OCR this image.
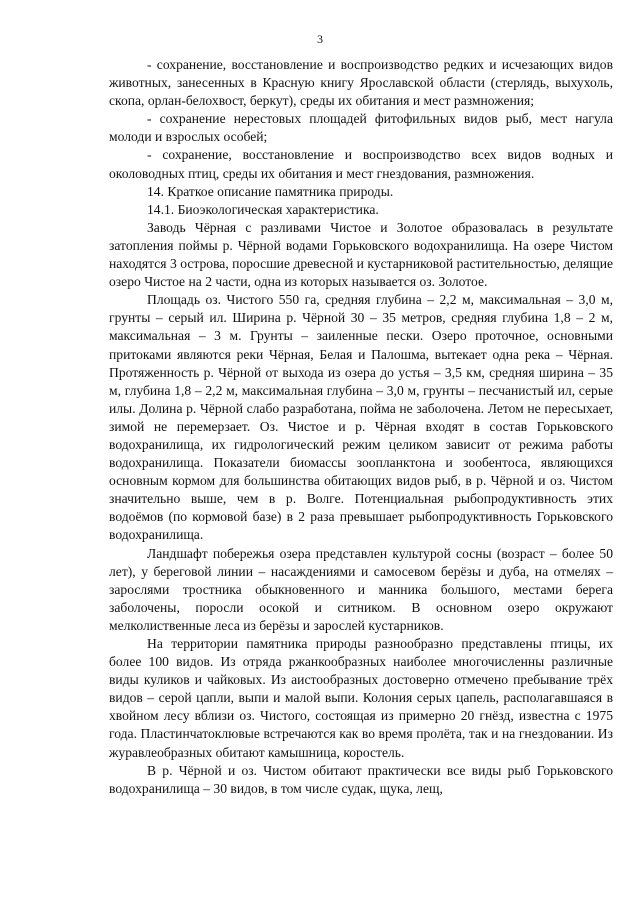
3

- сохранение, восстановление и воспроизводство редких и исчезающих видов животных, занесенных в Красную книгу Ярославской области (стерлядь, выхухоль, скопа, орлан-белохвост, беркут), среды их обитания и мест размножения;

- сохранение нерестовых площадей фитофильных видов рыб, мест нагула молоди и взрослых особей;

- сохранение, восстановление и воспроизводство всех видов водных и околоводных птиц, среды их обитания и мест гнездования, размножения.

14. Краткое описание памятника природы.

14.1. Биоэкологическая характеристика.

Заводь Чёрная с разливами Чистое и Золотое образовалась в результате затопления поймы р. Чёрной водами Горьковского водохранилища. На озере Чистом находятся 3 острова, поросшие древесной и кустарниковой растительностью, делящие озеро Чистое на 2 части, одна из которых называется оз. Золотое.

Площадь оз. Чистого 550 га, средняя глубина – 2,2 м, максимальная – 3,0 м, грунты – серый ил. Ширина р. Чёрной 30 – 35 метров, средняя глубина 1,8 – 2 м, максимальная – 3 м. Грунты – заиленные пески. Озеро проточное, основными притоками являются реки Чёрная, Белая и Палошма, вытекает одна река – Чёрная. Протяженность р. Чёрной от выхода из озера до устья – 3,5 км, средняя ширина – 35 м, глубина 1,8 – 2,2 м, максимальная глубина – 3,0 м, грунты – песчанистый ил, серые илы. Долина р. Чёрной слабо разработана, пойма не заболочена. Летом не пересыхает, зимой не перемерзает. Оз. Чистое и р. Чёрная входят в состав Горьковского водохранилища, их гидрологический режим целиком зависит от режима работы водохранилища. Показатели биомассы зоопланктона и зообентоса, являющихся основным кормом для большинства обитающих видов рыб, в р. Чёрной и оз. Чистом значительно выше, чем в р. Волге. Потенциальная рыбопродуктивность этих водоёмов (по кормовой базе) в 2 раза превышает рыбопродуктивность Горьковского водохранилища.

Ландшафт побережья озера представлен культурой сосны (возраст – более 50 лет), у береговой линии – насаждениями и самосевом берёзы и дуба, на отмелях – зарослями тростника обыкновенного и манника большого, местами берега заболочены, поросли осокой и ситником. В основном озеро окружают мелколиственные леса из берёзы и зарослей кустарников.

На территории памятника природы разнообразно представлены птицы, их более 100 видов. Из отряда ржанкообразных наиболее многочисленны различные виды куликов и чайковых. Из аистообразных достоверно отмечено пребывание трёх видов – серой цапли, выпи и малой выпи. Колония серых цапель, располагавшаяся в хвойном лесу вблизи оз. Чистого, состоящая из примерно 20 гнёзд, известна с 1975 года. Пластинчатоклювые встречаются как во время пролёта, так и на гнездовании. Из журавлеобразных обитают камышница, коростель.

В р. Чёрной и оз. Чистом обитают практически все виды рыб Горьковского водохранилища – 30 видов, в том числе судак, щука, лещ,
